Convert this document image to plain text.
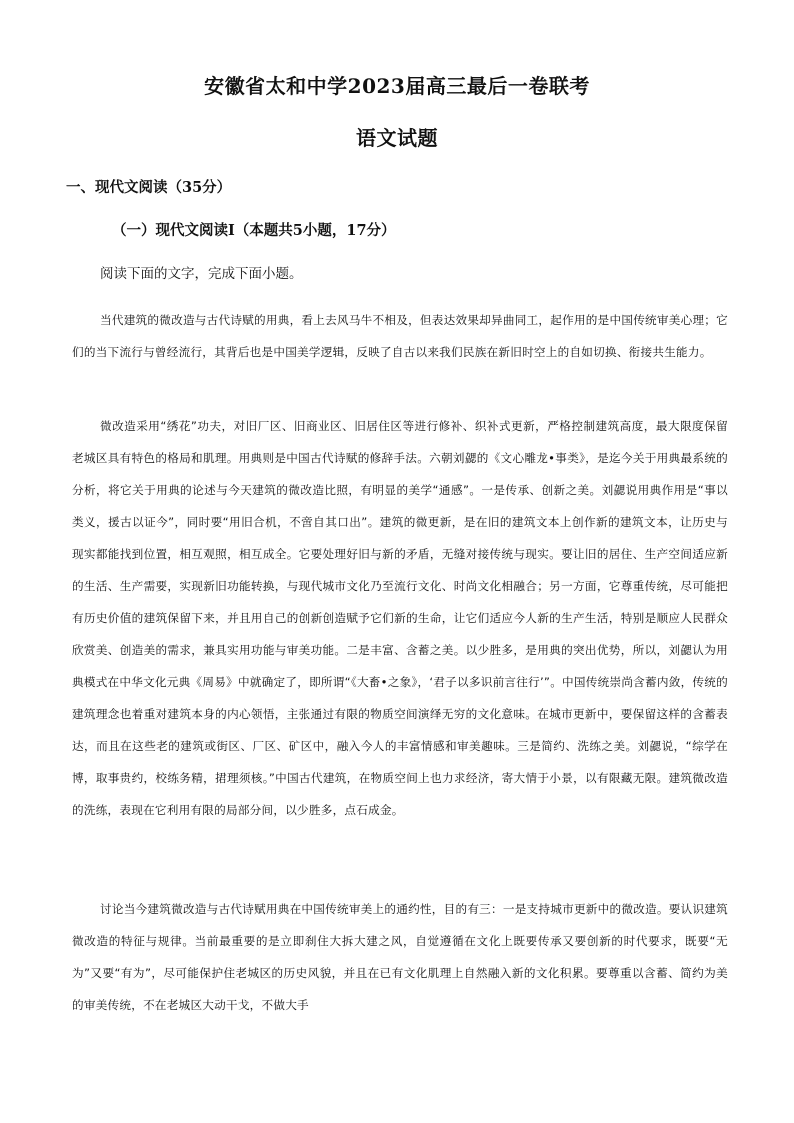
安徽省太和中学2023届高三最后一卷联考
语文试题
一、现代文阅读（35分）
（一）现代文阅读Ⅰ（本题共5小题，17分）
阅读下面的文字，完成下面小题。

当代建筑的微改造与古代诗赋的用典，看上去风马牛不相及，但表达效果却异曲同工，起作用的是中国传统审美心理；它们的当下流行与曾经流行，其背后也是中国美学逻辑，反映了自古以来我们民族在新旧时空上的自如切换、衔接共生能力。

微改造采用“绣花”功夫，对旧厂区、旧商业区、旧居住区等进行修补、织补式更新，严格控制建筑高度，最大限度保留老城区具有特色的格局和肌理。用典则是中国古代诗赋的修辞手法。六朝刘勰的《文心雕龙•事类》，是迄今关于用典最系统的分析，将它关于用典的论述与今天建筑的微改造比照，有明显的美学“通感”。一是传承、创新之美。刘勰说用典作用是“事以类义，援古以证今”，同时要“用旧合机，不啻自其口出”。建筑的微更新，是在旧的建筑文本上创作新的建筑文本，让历史与现实都能找到位置，相互观照，相互成全。它要处理好旧与新的矛盾，无缝对接传统与现实。要让旧的居住、生产空间适应新的生活、生产需要，实现新旧功能转换，与现代城市文化乃至流行文化、时尚文化相融合；另一方面，它尊重传统，尽可能把有历史价值的建筑保留下来，并且用自己的创新创造赋予它们新的生命，让它们适应今人新的生产生活，特别是顺应人民群众欣赏美、创造美的需求，兼具实用功能与审美功能。二是丰富、含蓄之美。以少胜多，是用典的突出优势，所以，刘勰认为用典模式在中华文化元典《周易》中就确定了，即所谓“《大畜•之象》，‘君子以多识前言往行’”。中国传统崇尚含蓄内敛，传统的建筑理念也着重对建筑本身的内心领悟，主张通过有限的物质空间演绎无穷的文化意味。在城市更新中，要保留这样的含蓄表达，而且在这些老的建筑或街区、厂区、矿区中，融入今人的丰富情感和审美趣味。三是简约、洗练之美。刘勰说，“综学在博，取事贵约，校练务精，捃理须核。”中国古代建筑，在物质空间上也力求经济，寄大情于小景，以有限藏无限。建筑微改造的洗练，表现在它利用有限的局部分间，以少胜多，点石成金。

讨论当今建筑微改造与古代诗赋用典在中国传统审美上的通约性，目的有三：一是支持城市更新中的微改造。要认识建筑微改造的特征与规律。当前最重要的是立即刹住大拆大建之风，自觉遵循在文化上既要传承又要创新的时代要求，既要“无为”又要“有为”，尽可能保护住老城区的历史风貌，并且在已有文化肌理上自然融入新的文化积累。要尊重以含蓄、简约为美的审美传统，不在老城区大动干戈，不做大手
